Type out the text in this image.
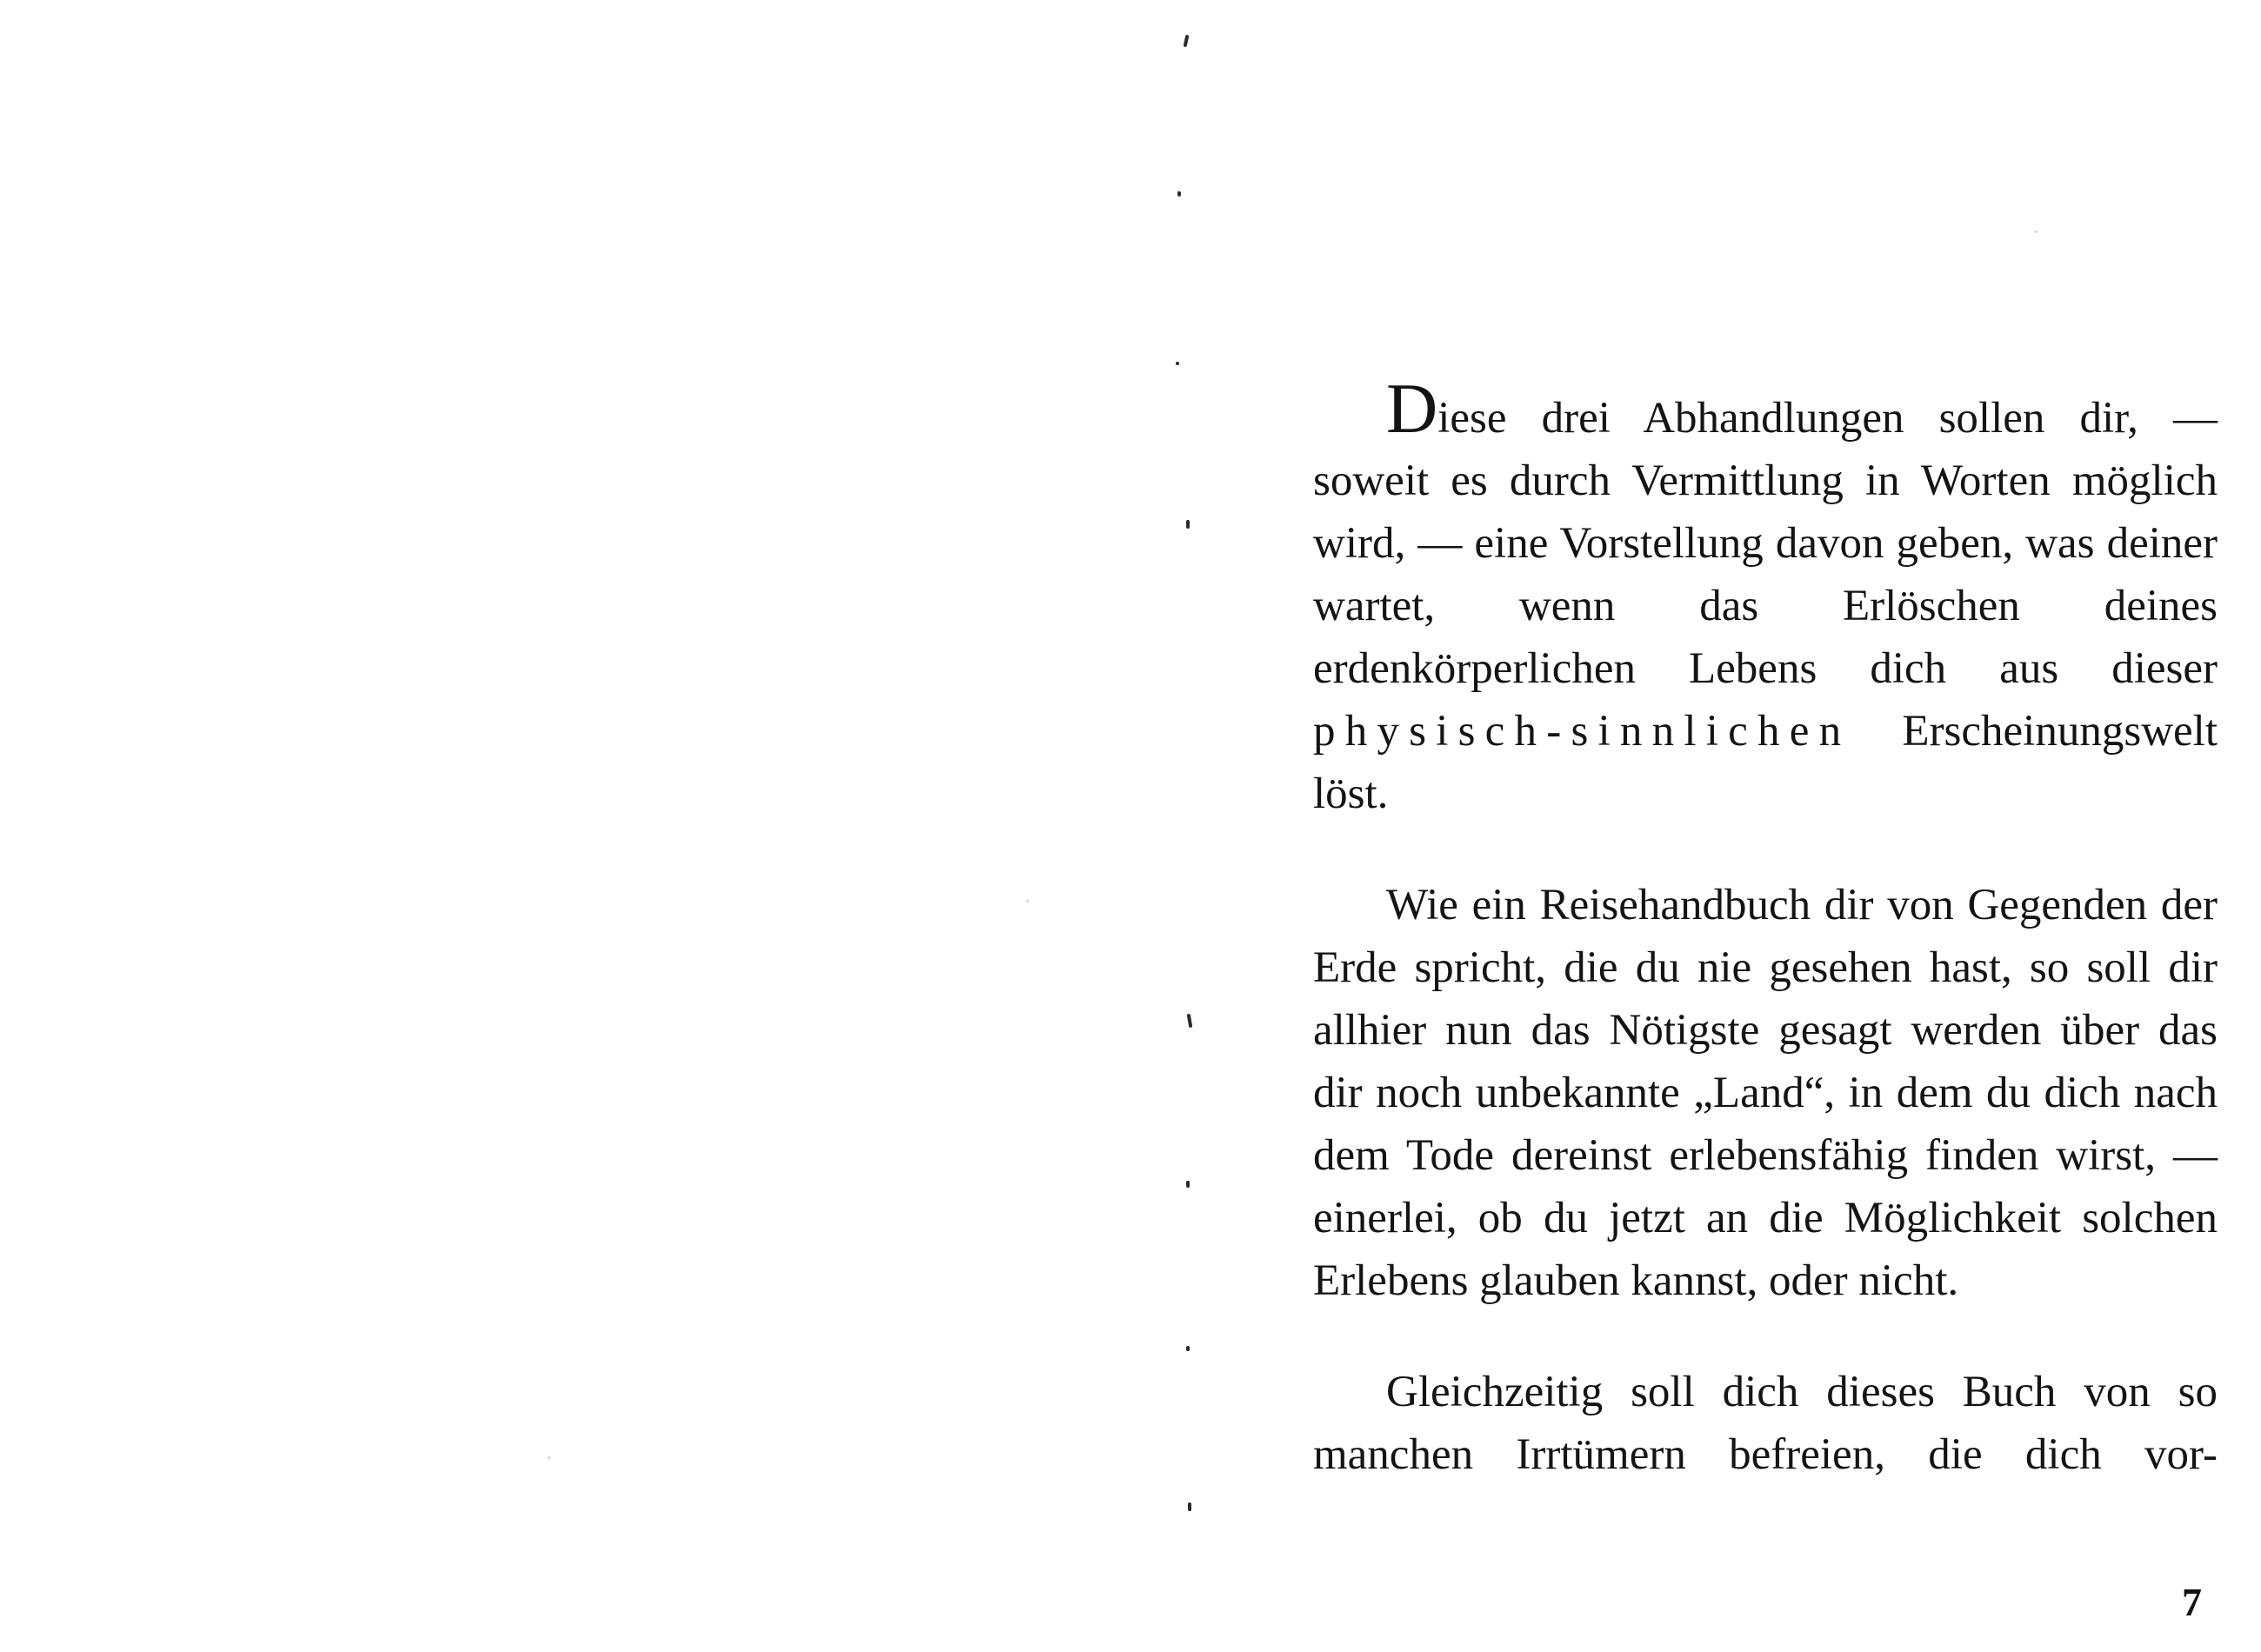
Diese drei Abhandlungen sollen dir, — soweit es durch Vermittlung in Worten möglich wird, — eine Vorstellung davon geben, was deiner wartet, wenn das Erlöschen deines erdenkörperlichen Lebens dich aus dieser physisch-sinnlichen Erscheinungswelt löst.

Wie ein Reisehandbuch dir von Gegenden der Erde spricht, die du nie gesehen hast, so soll dir allhier nun das Nötigste gesagt werden über das dir noch unbekannte „Land“, in dem du dich nach dem Tode dereinst erlebensfähig finden wirst, — einerlei, ob du jetzt an die Möglichkeit solchen Erlebens glauben kannst, oder nicht.

Gleichzeitig soll dich dieses Buch von so manchen Irrtümern befreien, die dich vor-

7
